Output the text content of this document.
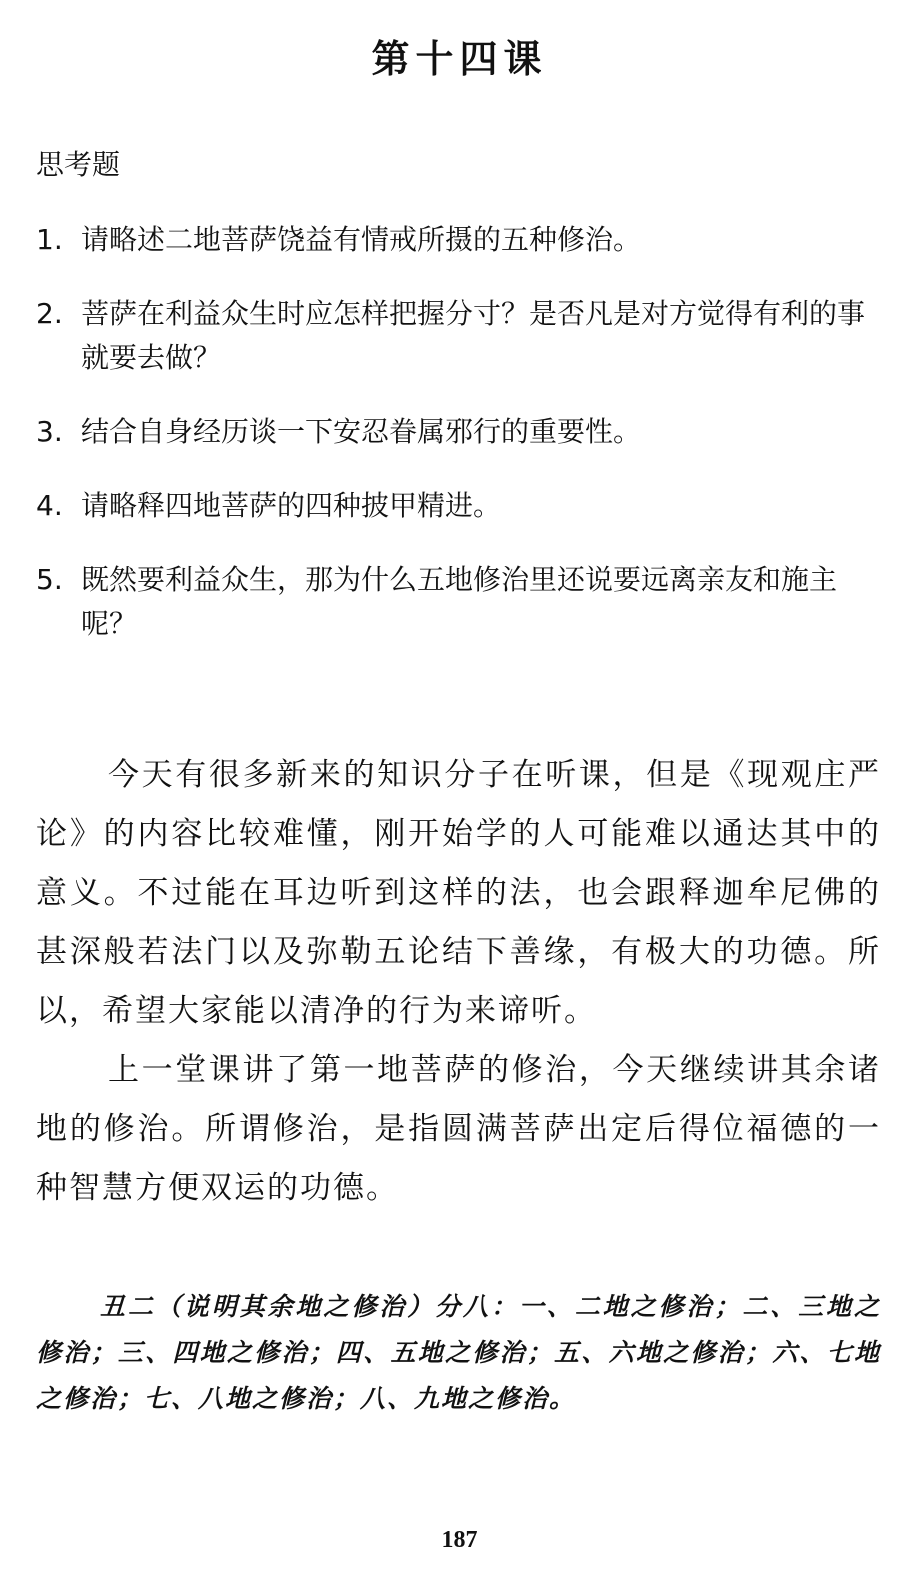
第十四课
思考题
1. 请略述二地菩萨饶益有情戒所摄的五种修治。
2. 菩萨在利益众生时应怎样把握分寸？是否凡是对方觉得有利的事就要去做？
3. 结合自身经历谈一下安忍眷属邪行的重要性。
4. 请略释四地菩萨的四种披甲精进。
5. 既然要利益众生，那为什么五地修治里还说要远离亲友和施主呢？

今天有很多新来的知识分子在听课，但是《现观庄严论》的内容比较难懂，刚开始学的人可能难以通达其中的意义。不过能在耳边听到这样的法，也会跟释迦牟尼佛的甚深般若法门以及弥勒五论结下善缘，有极大的功德。所以，希望大家能以清净的行为来谛听。

上一堂课讲了第一地菩萨的修治，今天继续讲其余诸地的修治。所谓修治，是指圆满菩萨出定后得位福德的一种智慧方便双运的功德。

丑二（说明其余地之修治）分八：一、二地之修治；二、三地之修治；三、四地之修治；四、五地之修治；五、六地之修治；六、七地之修治；七、八地之修治；八、九地之修治。

187
